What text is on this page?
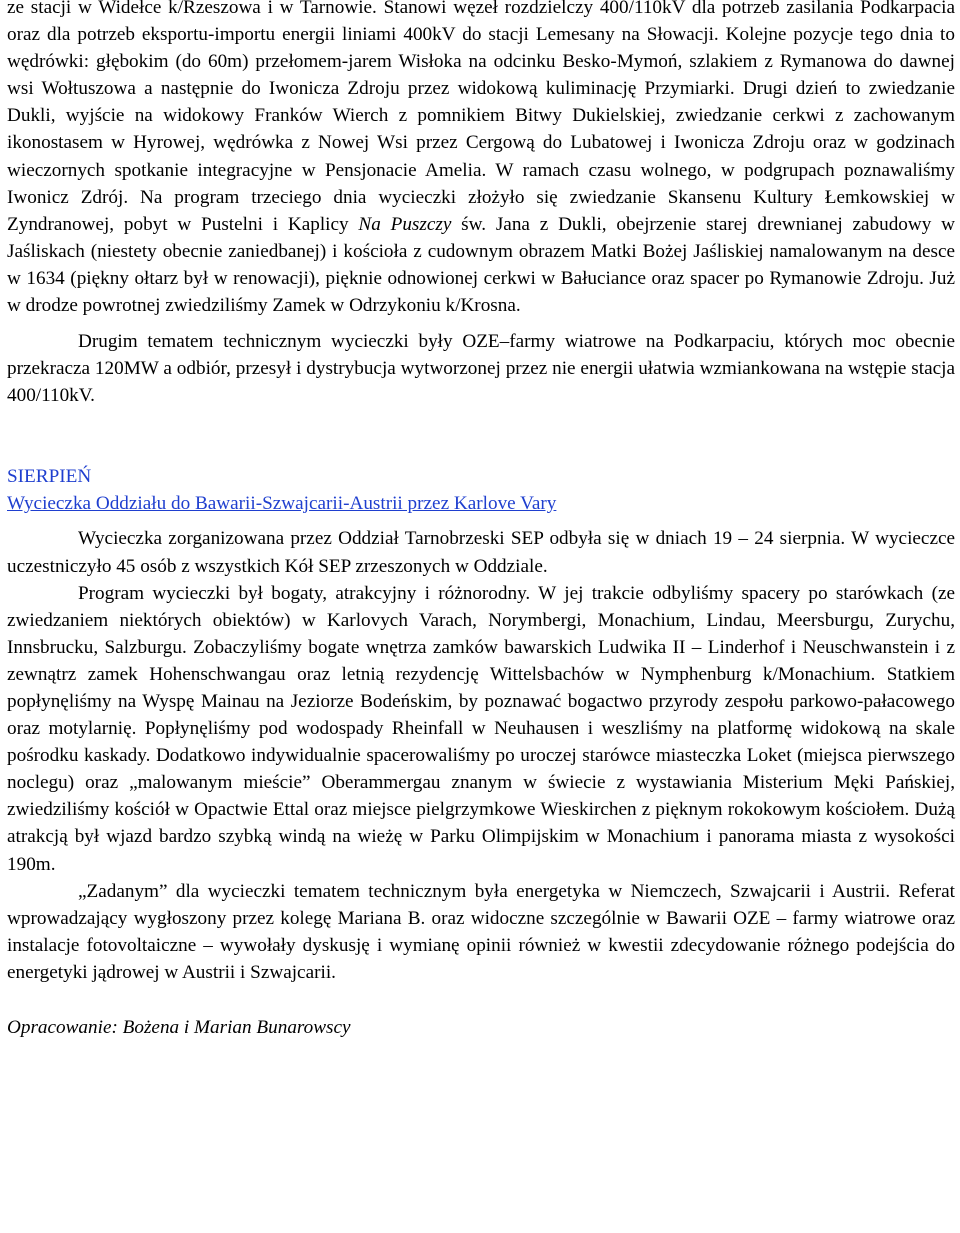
ze stacji w Widełce k/Rzeszowa i w Tarnowie. Stanowi węzeł rozdzielczy 400/110kV dla potrzeb zasilania Podkarpacia oraz dla potrzeb eksportu-importu energii liniami 400kV do stacji Lemesany na Słowacji. Kolejne pozycje tego dnia to wędrówki: głębokim (do 60m) przełomem-jarem Wisłoka na odcinku Besko-Mymoń, szlakiem z Rymanowa do dawnej wsi Wołtuszowa a następnie do Iwonicza Zdroju przez widokową kuliminację Przymiarki. Drugi dzień to zwiedzanie Dukli, wyjście na widokowy Franków Wierch z pomnikiem Bitwy Dukielskiej, zwiedzanie cerkwi z zachowanym ikonostasem w Hyrowej, wędrówka z Nowej Wsi przez Cergową do Lubatowej i Iwonicza Zdroju oraz w godzinach wieczornych spotkanie integracyjne w Pensjonacie Amelia. W ramach czasu wolnego, w podgrupach poznawaliśmy Iwonicz Zdrój. Na program trzeciego dnia wycieczki złożyło się zwiedzanie Skansenu Kultury Łemkowskiej w Zyndranowej, pobyt w Pustelni i Kaplicy Na Puszczy św. Jana z Dukli, obejrzenie starej drewnianej zabudowy w Jaśliskach (niestety obecnie zaniedbanej) i kościoła z cudownym obrazem Matki Bożej Jaśliskiej namalowanym na desce w 1634 (piękny ołtarz był w renowacji), pięknie odnowionej cerkwi w Bałuciance oraz spacer po Rymanowie Zdroju. Już w drodze powrotnej zwiedziliśmy Zamek w Odrzykoniu k/Krosna.

Drugim tematem technicznym wycieczki były OZE–farmy wiatrowe na Podkarpaciu, których moc obecnie przekracza 120MW a odbiór, przesył i dystrybucja wytworzonej przez nie energii ułatwia wzmiankowana na wstępie stacja 400/110kV.

SIERPIEŃ
Wycieczka Oddziału do Bawarii-Szwajcarii-Austrii przez Karlove Vary

Wycieczka zorganizowana przez Oddział Tarnobrzeski SEP odbyła się w dniach 19 – 24 sierpnia. W wycieczce uczestniczyło 45 osób z wszystkich Kół SEP zrzeszonych w Oddziale.

Program wycieczki był bogaty, atrakcyjny i różnorodny. W jej trakcie odbyliśmy spacery po starówkach (ze zwiedzaniem niektórych obiektów) w Karlovych Varach, Norymbergi, Monachium, Lindau, Meersburgu, Zurychu, Innsbrucku, Salzburgu. Zobaczyliśmy bogate wnętrza zamków bawarskich Ludwika II – Linderhof i Neuschwanstein i z zewnątrz zamek Hohenschwangau oraz letnią rezydencję Wittelsbachów w Nymphenburg k/Monachium. Statkiem popłynęliśmy na Wyspę Mainau na Jeziorze Bodeńskim, by poznawać bogactwo przyrody zespołu parkowo-pałacowego oraz motylarnię. Popłynęliśmy pod wodospady Rheinfall w Neuhausen i weszliśmy na platformę widokową na skale pośrodku kaskady. Dodatkowo indywidualnie spacerowaliśmy po uroczej starówce miasteczka Loket (miejsca pierwszego noclegu) oraz „malowanym mieście” Oberammergau znanym w świecie z wystawiania Misterium Męki Pańskiej, zwiedziliśmy kościół w Opactwie Ettal oraz miejsce pielgrzymkowe Wieskirchen z pięknym rokokowym kościołem. Dużą atrakcją był wjazd bardzo szybką windą na wieżę w Parku Olimpijskim w Monachium i panorama miasta z wysokości 190m.

„Zadanym” dla wycieczki tematem technicznym była energetyka w Niemczech, Szwajcarii i Austrii. Referat wprowadzający wygłoszony przez kolegę Mariana B. oraz widoczne szczególnie w Bawarii OZE – farmy wiatrowe oraz instalacje fotovoltaiczne – wywołały dyskusję i wymianę opinii również w kwestii zdecydowanie różnego podejścia do energetyki jądrowej w Austrii i Szwajcarii.

Opracowanie: Bożena i Marian Bunarowscy
